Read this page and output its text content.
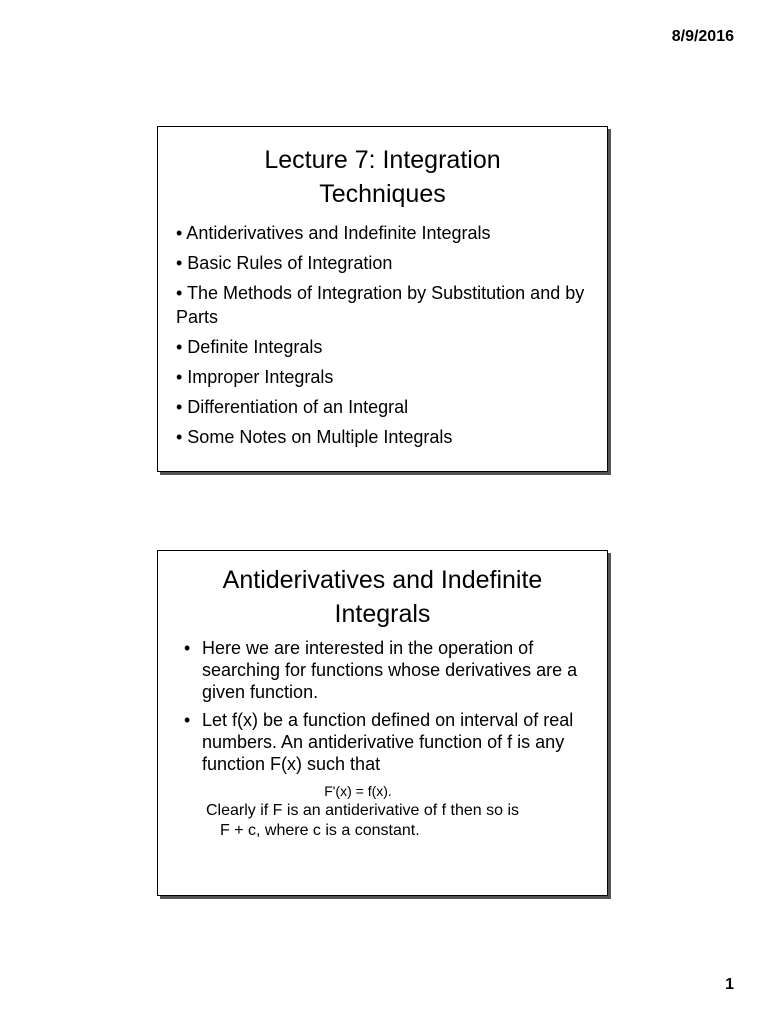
8/9/2016
Lecture 7: Integration
Techniques
• Antiderivatives and Indefinite Integrals
• Basic Rules of Integration
• The Methods of Integration by Substitution and by Parts
• Definite Integrals
• Improper Integrals
• Differentiation of an Integral
• Some Notes on Multiple Integrals
Antiderivatives and Indefinite
Integrals
• Here we are interested in the operation of searching for functions whose derivatives are a given function.
• Let f(x) be a function defined on interval of real numbers. An antiderivative function of f is any function F(x) such that
F'(x) = f(x).
Clearly if F is an antiderivative of f then so is
F + c, where c is a constant.
1
